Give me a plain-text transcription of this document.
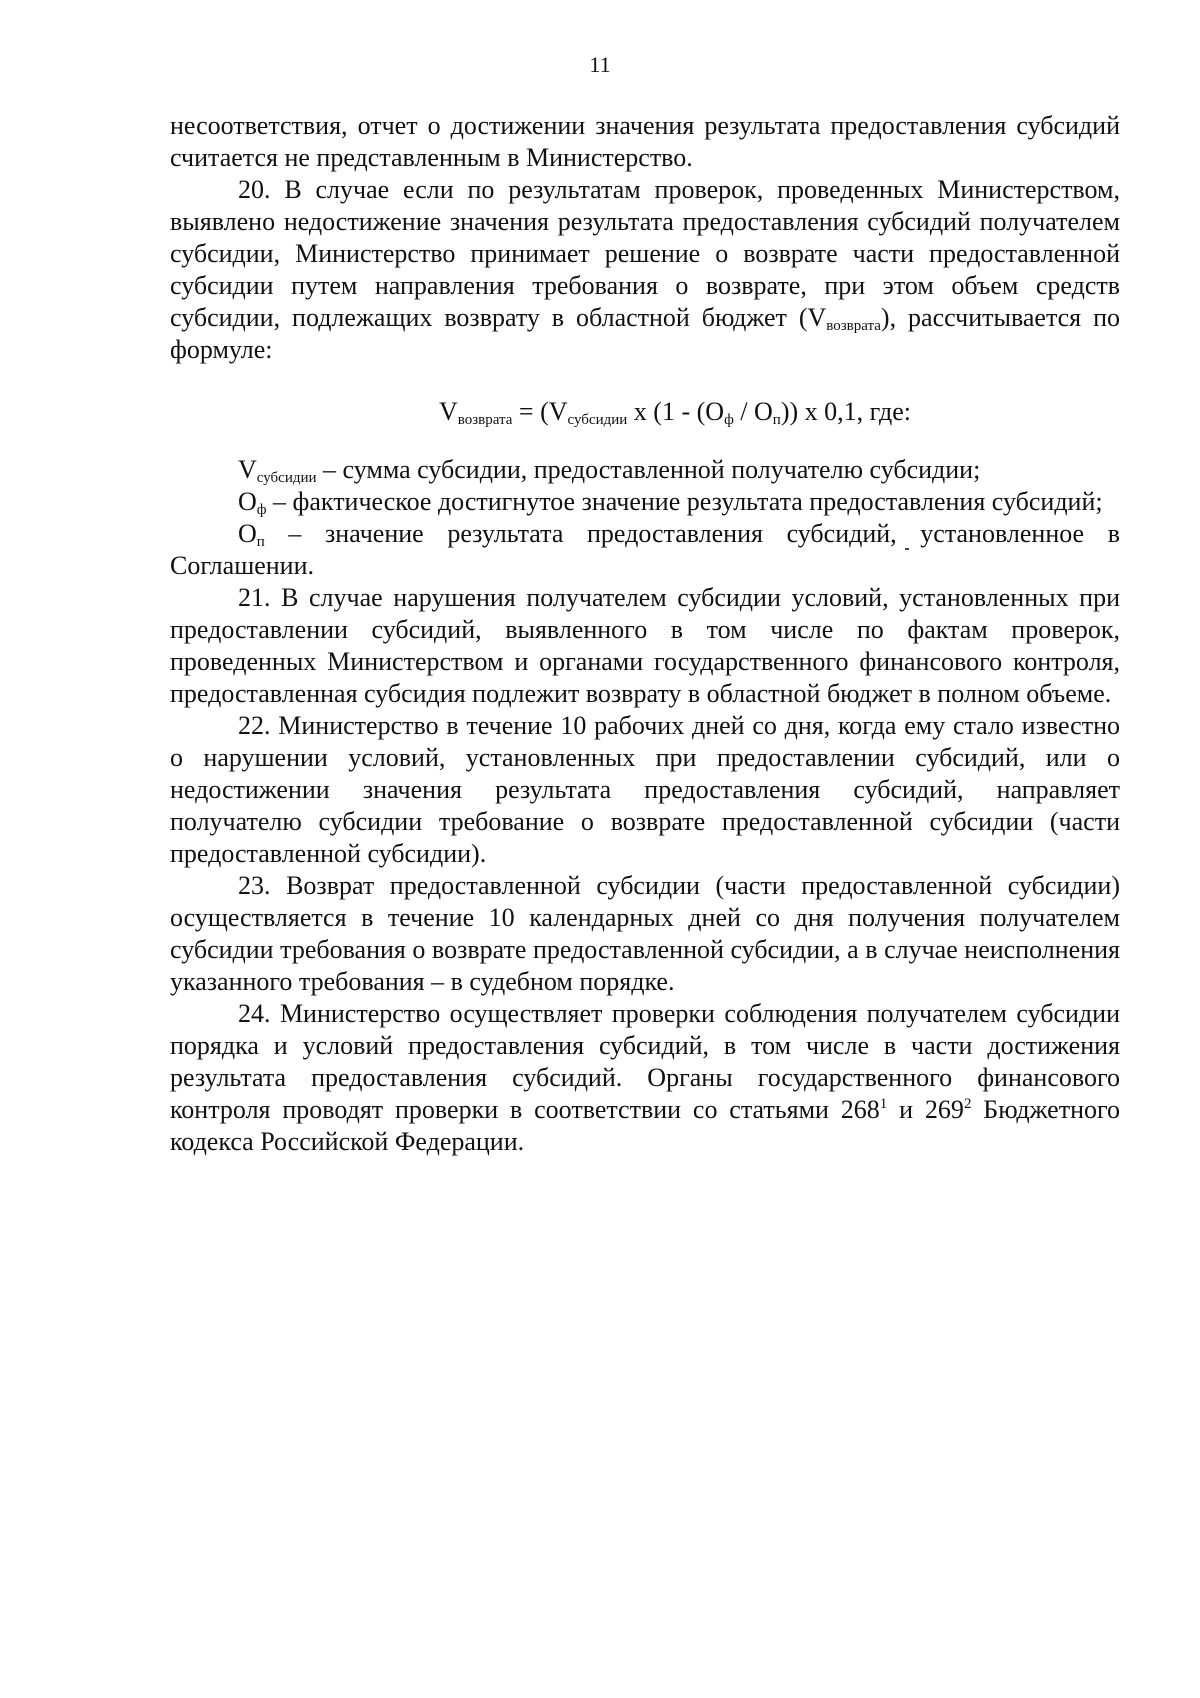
11

несоответствия, отчет о достижении значения результата предоставления субсидий считается не представленным в Министерство.

20. В случае если по результатам проверок, проведенных Министерством, выявлено недостижение значения результата предоставления субсидий получателем субсидии, Министерство принимает решение о возврате части предоставленной субсидии путем направления требования о возврате, при этом объем средств субсидии, подлежащих возврату в областной бюджет $(V_{возврата})$, рассчитывается по формуле:

$V_{возврата} = (V_{субсидии}$ x $(1 - (О_ф / О_п))$ x 0,1, где:

$V_{субсидии}$ – сумма субсидии, предоставленной получателю субсидии;

$О_ф$ – фактическое достигнутое значение результата предоставления субсидий;

$О_п$ – значение результата предоставления субсидий, установленное в Соглашении.

21. В случае нарушения получателем субсидии условий, установленных при предоставлении субсидий, выявленного в том числе по фактам проверок, проведенных Министерством и органами государственного финансового контроля, предоставленная субсидия подлежит возврату в областной бюджет в полном объеме.

22. Министерство в течение 10 рабочих дней со дня, когда ему стало известно о нарушении условий, установленных при предоставлении субсидий, или о недостижении значения результата предоставления субсидий, направляет получателю субсидии требование о возврате предоставленной субсидии (части предоставленной субсидии).

23. Возврат предоставленной субсидии (части предоставленной субсидии) осуществляется в течение 10 календарных дней со дня получения получателем субсидии требования о возврате предоставленной субсидии, а в случае неисполнения указанного требования – в судебном порядке.

24. Министерство осуществляет проверки соблюдения получателем субсидии порядка и условий предоставления субсидий, в том числе в части достижения результата предоставления субсидий. Органы государственного финансового контроля проводят проверки в соответствии со статьями $268^1$ и $269^2$ Бюджетного кодекса Российской Федерации.
